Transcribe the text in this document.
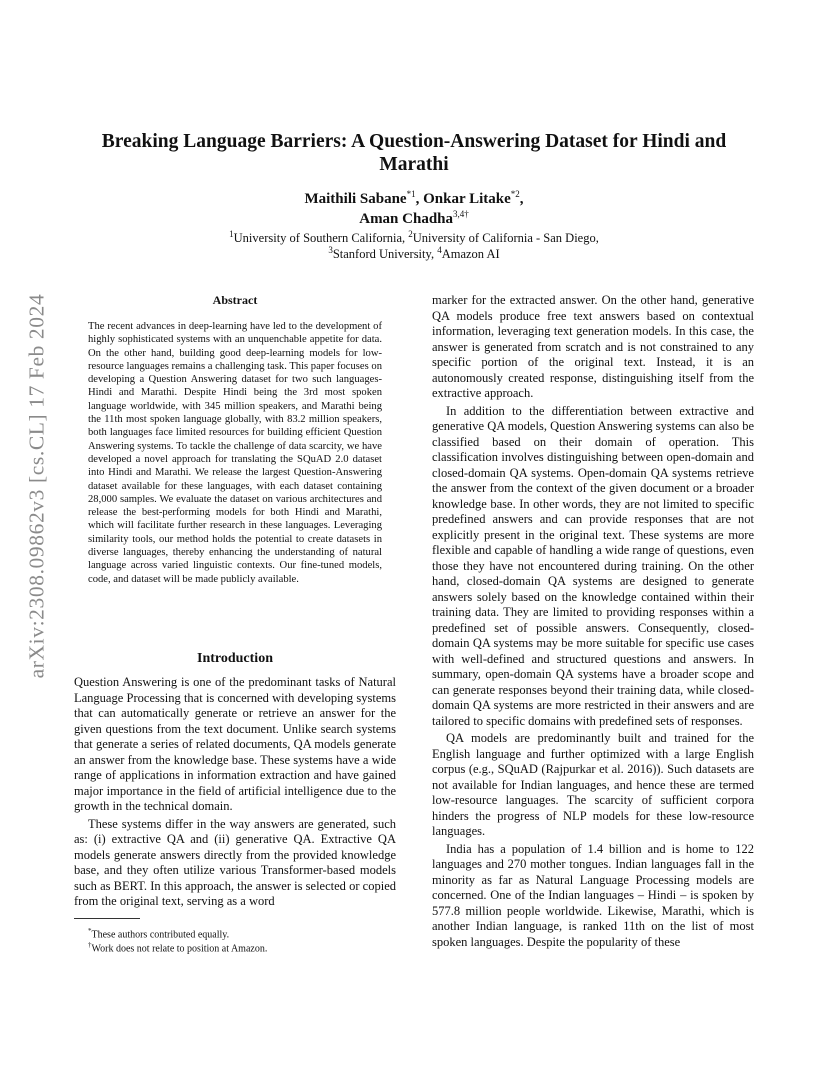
arXiv:2308.09862v3 [cs.CL] 17 Feb 2024
Breaking Language Barriers: A Question-Answering Dataset for Hindi and Marathi
Maithili Sabane$^{*1}$, Onkar Litake$^{*2}$,
Aman Chadha$^{3,4\dagger}$
$^1$University of Southern California, $^2$University of California - San Diego,
$^3$Stanford University, $^4$Amazon AI
Abstract

The recent advances in deep-learning have led to the development of highly sophisticated systems with an unquenchable appetite for data. On the other hand, building good deep-learning models for low-resource languages remains a challenging task. This paper focuses on developing a Question Answering dataset for two such languages- Hindi and Marathi. Despite Hindi being the 3rd most spoken language worldwide, with 345 million speakers, and Marathi being the 11th most spoken language globally, with 83.2 million speakers, both languages face limited resources for building efficient Question Answering systems. To tackle the challenge of data scarcity, we have developed a novel approach for translating the SQuAD 2.0 dataset into Hindi and Marathi. We release the largest Question-Answering dataset available for these languages, with each dataset containing 28,000 samples. We evaluate the dataset on various architectures and release the best-performing models for both Hindi and Marathi, which will facilitate further research in these languages. Leveraging similarity tools, our method holds the potential to create datasets in diverse languages, thereby enhancing the understanding of natural language across varied linguistic contexts. Our fine-tuned models, code, and dataset will be made publicly available.

Introduction

Question Answering is one of the predominant tasks of Natural Language Processing that is concerned with developing systems that can automatically generate or retrieve an answer for the given questions from the text document. Unlike search systems that generate a series of related documents, QA models generate an answer from the knowledge base. These systems have a wide range of applications in information extraction and have gained major importance in the field of artificial intelligence due to the growth in the technical domain.

These systems differ in the way answers are generated, such as: (i) extractive QA and (ii) generative QA. Extractive QA models generate answers directly from the provided knowledge base, and they often utilize various Transformer-based models such as BERT. In this approach, the answer is selected or copied from the original text, serving as a word

*These authors contributed equally.
†Work does not relate to position at Amazon.

marker for the extracted answer. On the other hand, generative QA models produce free text answers based on contextual information, leveraging text generation models. In this case, the answer is generated from scratch and is not constrained to any specific portion of the original text. Instead, it is an autonomously created response, distinguishing itself from the extractive approach.

In addition to the differentiation between extractive and generative QA models, Question Answering systems can also be classified based on their domain of operation. This classification involves distinguishing between open-domain and closed-domain QA systems. Open-domain QA systems retrieve the answer from the context of the given document or a broader knowledge base. In other words, they are not limited to specific predefined answers and can provide responses that are not explicitly present in the original text. These systems are more flexible and capable of handling a wide range of questions, even those they have not encountered during training. On the other hand, closed-domain QA systems are designed to generate answers solely based on the knowledge contained within their training data. They are limited to providing responses within a predefined set of possible answers. Consequently, closed-domain QA systems may be more suitable for specific use cases with well-defined and structured questions and answers. In summary, open-domain QA systems have a broader scope and can generate responses beyond their training data, while closed-domain QA systems are more restricted in their answers and are tailored to specific domains with predefined sets of responses.

QA models are predominantly built and trained for the English language and further optimized with a large English corpus (e.g., SQuAD (Rajpurkar et al. 2016)). Such datasets are not available for Indian languages, and hence these are termed low-resource languages. The scarcity of sufficient corpora hinders the progress of NLP models for these low-resource languages.

India has a population of 1.4 billion and is home to 122 languages and 270 mother tongues. Indian languages fall in the minority as far as Natural Language Processing models are concerned. One of the Indian languages – Hindi – is spoken by 577.8 million people worldwide. Likewise, Marathi, which is another Indian language, is ranked 11th on the list of most spoken languages. Despite the popularity of these
